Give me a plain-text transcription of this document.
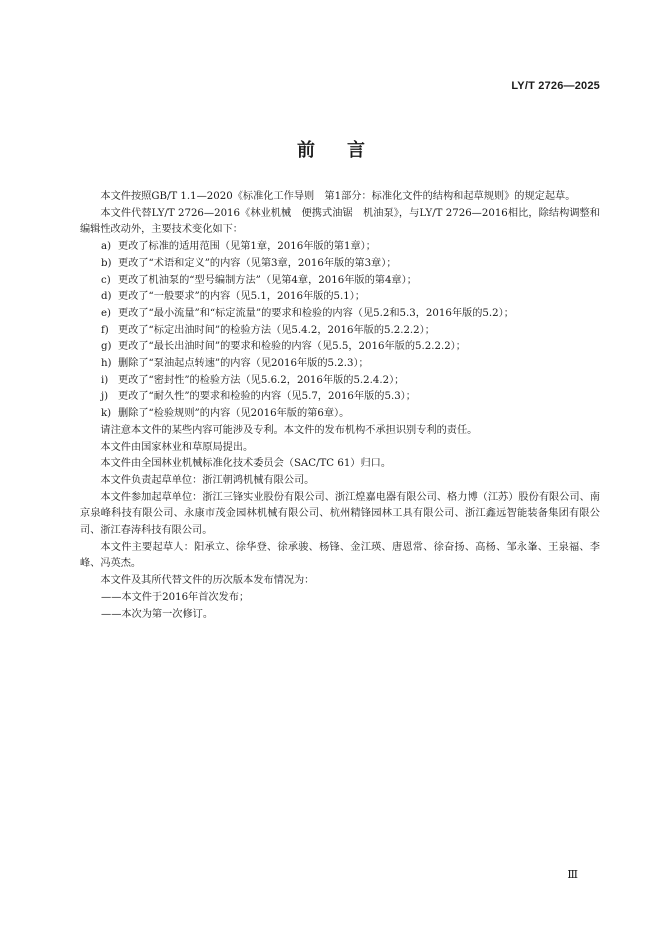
LY/T 2726—2025
前言

本文件按照GB/T 1.1—2020《标准化工作导则　第1部分：标准化文件的结构和起草规则》的规定起草。

本文件代替LY/T 2726—2016《林业机械　便携式油锯　机油泵》，与LY/T 2726—2016相比，除结构调整和编辑性改动外，主要技术变化如下：

a) 更改了标准的适用范围（见第1章，2016年版的第1章）；
b) 更改了“术语和定义”的内容（见第3章，2016年版的第3章）；
c) 更改了机油泵的“型号编制方法”（见第4章，2016年版的第4章）；
d) 更改了“一般要求”的内容（见5.1，2016年版的5.1）；
e) 更改了“最小流量”和“标定流量”的要求和检验的内容（见5.2和5.3，2016年版的5.2）；
f) 更改了“标定出油时间”的检验方法（见5.4.2，2016年版的5.2.2.2）；
g) 更改了“最长出油时间”的要求和检验的内容（见5.5，2016年版的5.2.2.2）；
h) 删除了“泵油起点转速”的内容（见2016年版的5.2.3）；
i) 更改了“密封性”的检验方法（见5.6.2，2016年版的5.2.4.2）；
j) 更改了“耐久性”的要求和检验的内容（见5.7，2016年版的5.3）；
k) 删除了“检验规则”的内容（见2016年版的第6章）。

请注意本文件的某些内容可能涉及专利。本文件的发布机构不承担识别专利的责任。

本文件由国家林业和草原局提出。

本文件由全国林业机械标准化技术委员会（SAC/TC 61）归口。

本文件负责起草单位：浙江朝鸿机械有限公司。

本文件参加起草单位：浙江三锋实业股份有限公司、浙江煌嘉电器有限公司、格力博（江苏）股份有限公司、南京泉峰科技有限公司、永康市茂金园林机械有限公司、杭州精锋园林工具有限公司、浙江鑫远智能装备集团有限公司、浙江春涛科技有限公司。

本文件主要起草人：阳承立、徐华登、徐承骏、杨锋、金江瑛、唐恩常、徐奋扬、高杨、邹永峯、王泉福、李峰、冯英杰。

本文件及其所代替文件的历次版本发布情况为：

——本文件于2016年首次发布；

——本次为第一次修订。

Ⅲ
